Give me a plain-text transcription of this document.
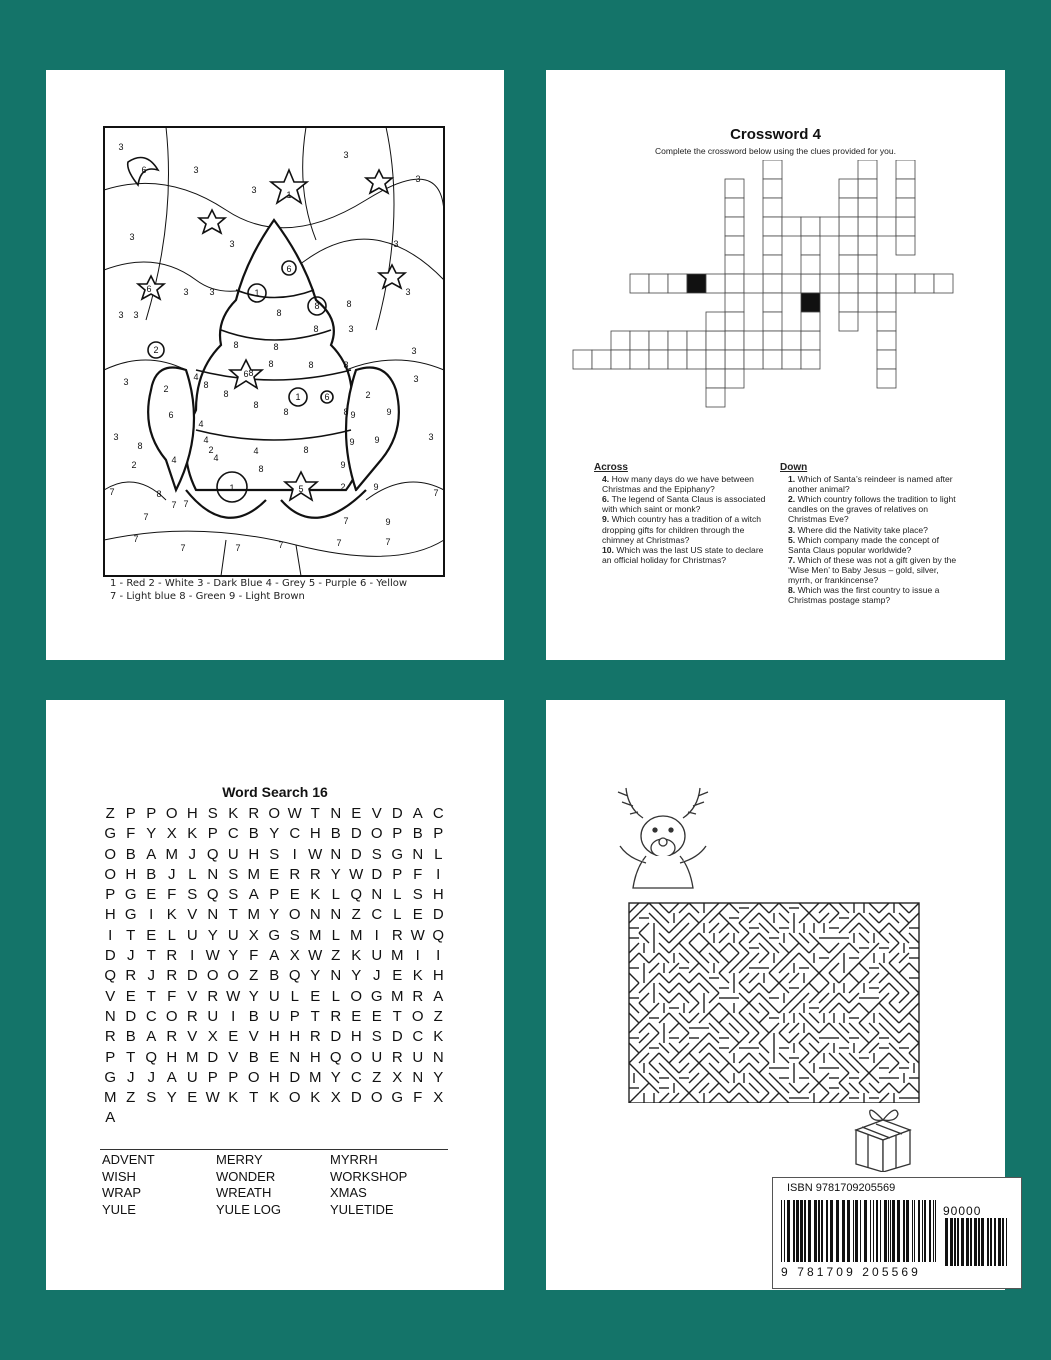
3
6	3
3
3
3
3
3	3
3
3
6
3
3
3
3
3
3	3
3	3
7
7
7
7	7	7	7	7
7
1
1
1
1
8
6
6
2
6
5
8
8
8
8
8
8
8	8	8
8
8
8
8	8
4
4
6
2
4
4
4
8
2
8
7
7
2
9 9
9
2	9
9
9
2
8
8
7	9
4
1 - Red 2 - White 3 - Dark Blue 4 - Grey 5 - Purple 6 - Yellow
7 - Light blue 8 - Green 9 - Light Brown
Crossword 4
Complete the crossword below using the clues provided for you.
Across
4. How many days do we have between Christmas and the Epiphany?
6. The legend of Santa Claus is associated with which saint or monk?
9. Which country has a tradition of a witch dropping gifts for children through the chimney at Christmas?
10. Which was the last US state to declare an official holiday for Christmas?
Down
1. Which of Santa’s reindeer is named after another animal?
2. Which country follows the tradition to light candles on the graves of relatives on Christmas Eve?
3. Where did the Nativity take place?
5. Which company made the concept of Santa Claus popular worldwide?
7. Which of these was not a gift given by the ‘Wise Men’ to Baby Jesus – gold, silver, myrrh, or frankincense?
8. Which was the first country to issue a Christmas postage stamp?
Word Search 16
Z P P O H S K R O W T N E V D A C
G F Y X K P C B Y C H B D O P B P
O B A M J Q U H S I W N D S G N L
O H B J L N S M E R R Y W D P F I
P G E F S Q S A P E K L Q N L S H
H G I K V N T M Y O N N Z C L E D
I T E L U Y U X G S M L M I R W Q
D J T R I W Y F A X W Z K U M I	I
Q R J R D O O Z B Q Y N Y J E K H
V E T F V R W Y U L E L O G M R A
N D C O R U I B U P T R E E T O Z
R B A R V X E V H H R D H S D C K
P T Q H M D V B E N H Q O U R U N
G J J A U P P O H D M Y C Z X N Y
M Z S Y E W K T K O K X D O G F X
A
ADVENT	MERRY	MYRRH
WISH	WONDER	WORKSHOP
WRAP	WREATH	XMAS
YULE	YULE LOG	YULETIDE
ISBN 9781709205569
90000
9 781709 205569
